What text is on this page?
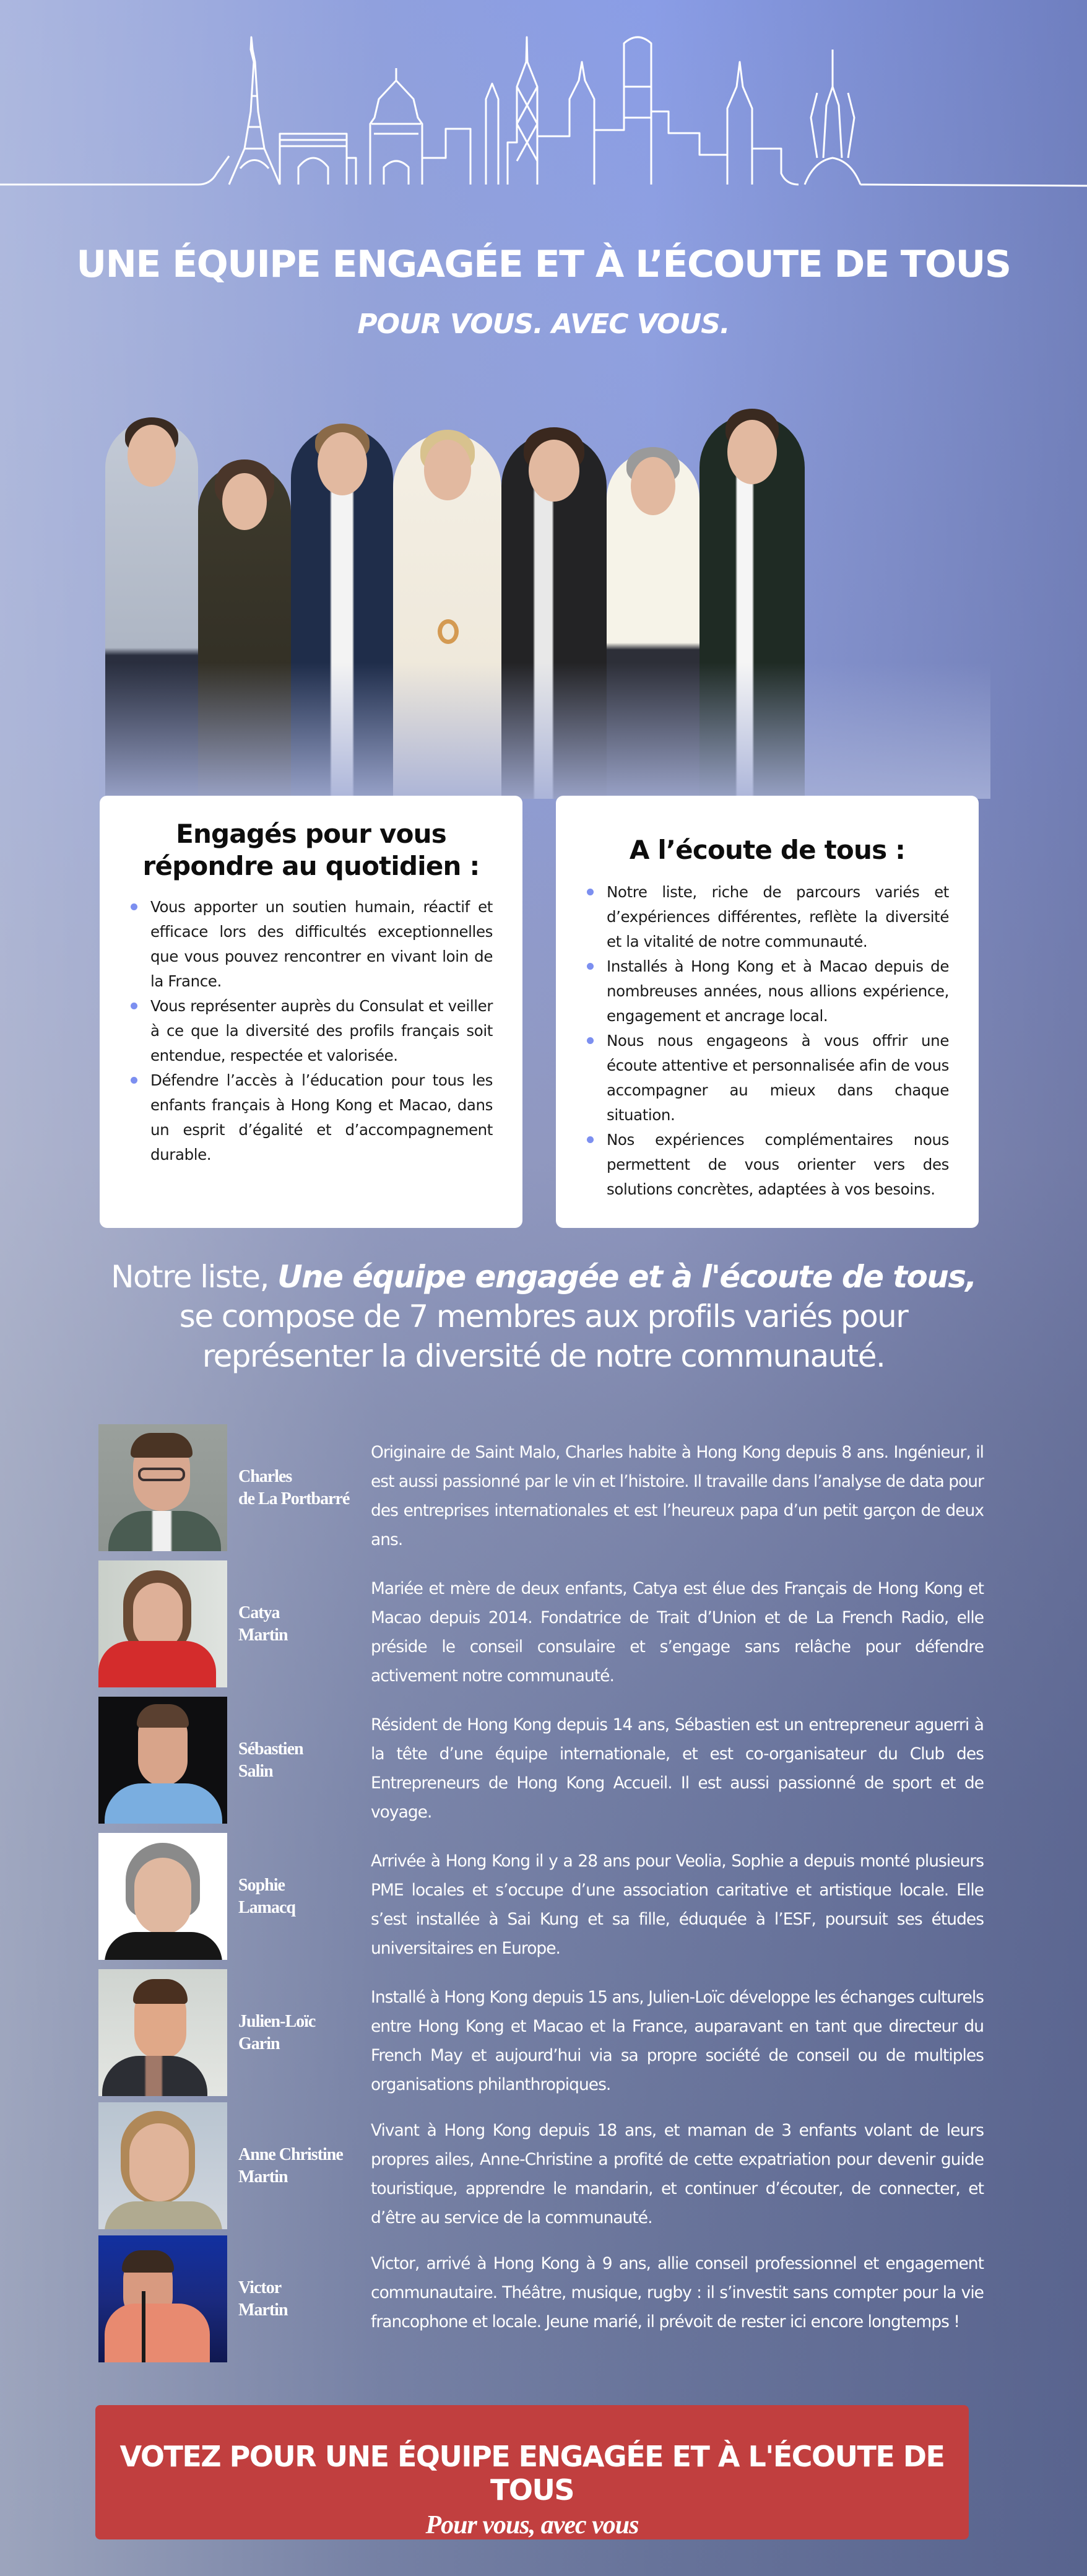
UNE ÉQUIPE ENGAGÉE ET À L’ÉCOUTE DE TOUS
POUR VOUS. AVEC VOUS.
Engagés pour vous
répondre au quotidien :
Vous apporter un soutien humain, réactif et efficace lors des difficultés exceptionnelles que vous pouvez rencontrer en vivant loin de la France.
Vous représenter auprès du Consulat et veiller à ce que la diversité des profils français soit entendue, respectée et valorisée.
Défendre l’accès à l’éducation pour tous les enfants français à Hong Kong et Macao, dans un esprit d’égalité et d’accompagnement durable.
A l’écoute de tous :
Notre liste, riche de parcours variés et d’expériences différentes, reflète la diversité et la vitalité de notre communauté.
Installés à Hong Kong et à Macao depuis de nombreuses années, nous allions expérience, engagement et ancrage local.
Nous nous engageons à vous offrir une écoute attentive et personnalisée afin de vous accompagner au mieux dans chaque situation.
Nos expériences complémentaires nous permettent de vous orienter vers des solutions concrètes, adaptées à vos besoins.
Notre liste, Une équipe engagée et à l'écoute de tous,
se compose de 7 membres aux profils variés pour
représenter la diversité de notre communauté.
Charles
de La Portbarré

Originaire de Saint Malo, Charles habite à Hong Kong depuis 8 ans. Ingénieur, il est aussi passionné par le vin et l’histoire. Il travaille dans l’analyse de data pour des entreprises internationales et est l’heureux papa d’un petit garçon de deux ans.

Catya
Martin

Mariée et mère de deux enfants, Catya est élue des Français de Hong Kong et Macao depuis 2014. Fondatrice de Trait d’Union et de La French Radio, elle préside le conseil consulaire et s’engage sans relâche pour défendre activement notre communauté.

Sébastien
Salin

Résident de Hong Kong depuis 14 ans, Sébastien est un entrepreneur aguerri à la tête d’une équipe internationale, et est co-organisateur du Club des Entrepreneurs de Hong Kong Accueil. Il est aussi passionné de sport et de voyage.

Sophie
Lamacq

Arrivée à Hong Kong il y a 28 ans pour Veolia, Sophie a depuis monté plusieurs PME locales et s’occupe d’une association caritative et artistique locale. Elle s’est installée à Sai Kung et sa fille, éduquée à l’ESF, poursuit ses études universitaires en Europe.

Julien-Loïc
Garin

Installé à Hong Kong depuis 15 ans, Julien-Loïc développe les échanges culturels entre Hong Kong et Macao et la France, auparavant en tant que directeur du French May et aujourd’hui via sa propre société de conseil ou de multiples organisations philanthropiques.

Anne Christine
Martin

Vivant à Hong Kong depuis 18 ans, et maman de 3 enfants volant de leurs propres ailes, Anne-Christine a profité de cette expatriation pour devenir guide touristique, apprendre le mandarin, et continuer d’écouter, de connecter, et d’être au service de la communauté.

Victor
Martin

Victor, arrivé à Hong Kong à 9 ans, allie conseil professionnel et engagement communautaire. Théâtre, musique, rugby : il s’investit sans compter pour la vie francophone et locale. Jeune marié, il prévoit de rester ici encore longtemps !

VOTEZ POUR UNE ÉQUIPE ENGAGÉE ET À L'ÉCOUTE DE TOUS
Pour vous, avec vous
